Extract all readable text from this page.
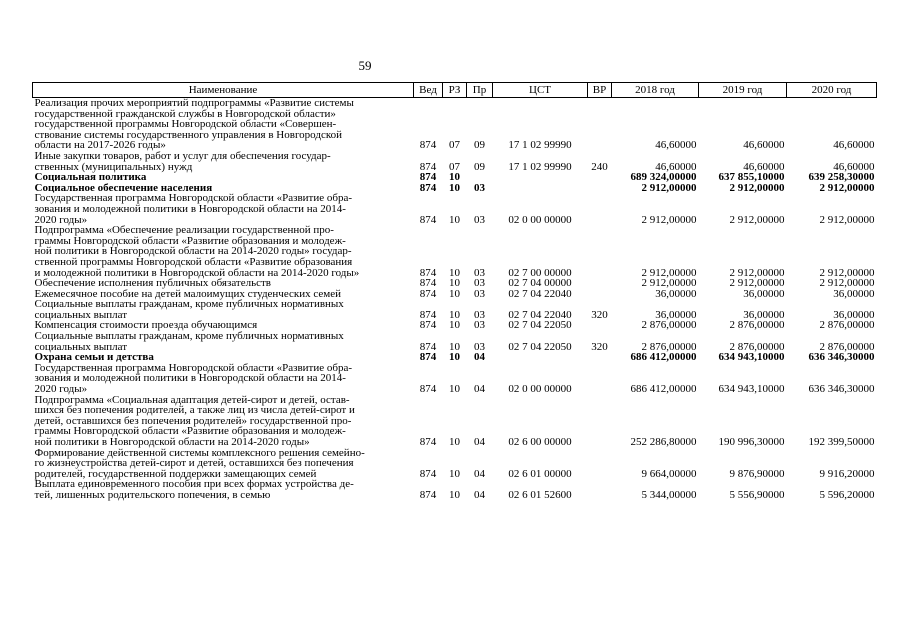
59
Наименование	Вед	РЗ	Пр	ЦСТ	ВР	2018 год	2019 год	2020 год
Реализация прочих мероприятий подпрограммы «Развитие системы
государственной гражданской службы в Новгородской области»
государственной программы Новгородской области «Совершен-
ствование системы государственного управления в Новгородской
области на 2017-2026 годы»	874	07	09	17 1 02 99990		46,60000	46,60000	46,60000
Иные закупки товаров, работ и услуг для обеспечения государ-
ственных (муниципальных) нужд	874	07	09	17 1 02 99990	240	46,60000	46,60000	46,60000
Социальная политика	874	10				689 324,00000	637 855,10000	639 258,30000
Социальное обеспечение населения	874	10	03			2 912,00000	2 912,00000	2 912,00000
Государственная программа Новгородской области «Развитие обра-
зования и молодежной политики в Новгородской области на 2014-
2020 годы»	874	10	03	02 0 00 00000		2 912,00000	2 912,00000	2 912,00000
Подпрограмма «Обеспечение реализации государственной про-
граммы Новгородской области «Развитие образования и молодеж-
ной политики в Новгородской области на 2014-2020 годы» государ-
ственной программы Новгородской области «Развитие образования
и молодежной политики в Новгородской области на 2014-2020 годы»	874	10	03	02 7 00 00000		2 912,00000	2 912,00000	2 912,00000
Обеспечение исполнения публичных обязательств	874	10	03	02 7 04 00000		2 912,00000	2 912,00000	2 912,00000
Ежемесячное пособие на детей малоимущих студенческих семей	874	10	03	02 7 04 22040		36,00000	36,00000	36,00000
Социальные выплаты гражданам, кроме публичных нормативных
социальных выплат	874	10	03	02 7 04 22040	320	36,00000	36,00000	36,00000
Компенсация стоимости проезда обучающимся	874	10	03	02 7 04 22050		2 876,00000	2 876,00000	2 876,00000
Социальные выплаты гражданам, кроме публичных нормативных
социальных выплат	874	10	03	02 7 04 22050	320	2 876,00000	2 876,00000	2 876,00000
Охрана семьи и детства	874	10	04			686 412,00000	634 943,10000	636 346,30000
Государственная программа Новгородской области «Развитие обра-
зования и молодежной политики в Новгородской области на 2014-
2020 годы»	874	10	04	02 0 00 00000		686 412,00000	634 943,10000	636 346,30000
Подпрограмма «Социальная адаптация детей-сирот и детей, остав-
шихся без попечения родителей, а также лиц из числа детей-сирот и
детей, оставшихся без попечения родителей» государственной про-
граммы Новгородской области «Развитие образования и молодеж-
ной политики в Новгородской области на 2014-2020 годы»	874	10	04	02 6 00 00000		252 286,80000	190 996,30000	192 399,50000
Формирование действенной системы комплексного решения семейно-
го жизнеустройства детей-сирот и детей, оставшихся без попечения
родителей, государственной поддержки замещающих семей	874	10	04	02 6 01 00000		9 664,00000	9 876,90000	9 916,20000
Выплата единовременного пособия при всех формах устройства де-
тей, лишенных родительского попечения, в семью	874	10	04	02 6 01 52600		5 344,00000	5 556,90000	5 596,20000
